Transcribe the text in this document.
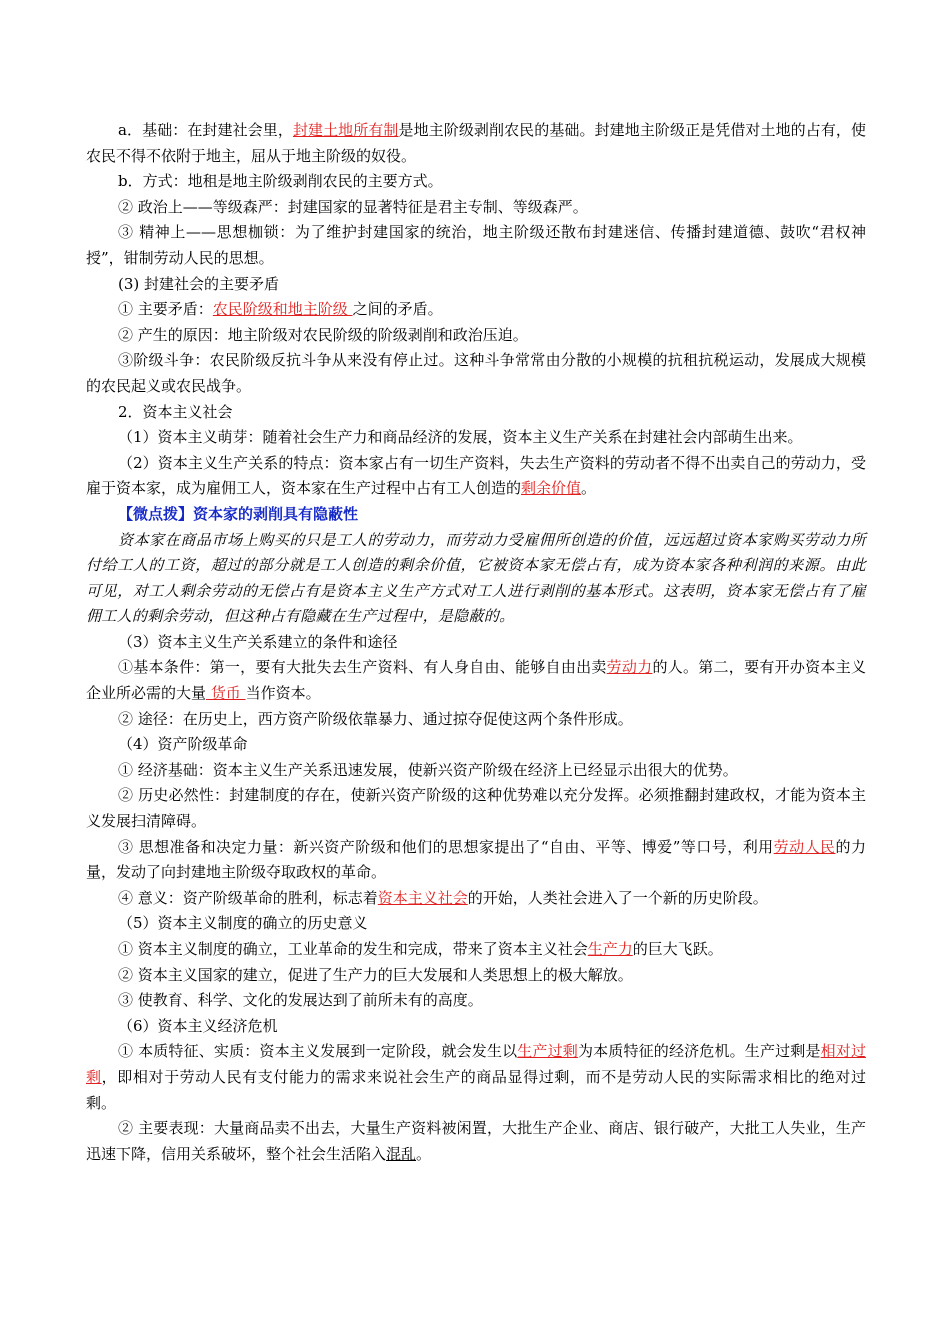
a．基础：在封建社会里，封建土地所有制是地主阶级剥削农民的基础。封建地主阶级正是凭借对土地的占有，使农民不得不依附于地主，屈从于地主阶级的奴役。

b．方式：地租是地主阶级剥削农民的主要方式。

② 政治上——等级森严：封建国家的显著特征是君主专制、等级森严。

③ 精神上——思想枷锁：为了维护封建国家的统治，地主阶级还散布封建迷信、传播封建道德、鼓吹“君权神授”，钳制劳动人民的思想。

(3) 封建社会的主要矛盾

① 主要矛盾：农民阶级和地主阶级 之间的矛盾。

② 产生的原因：地主阶级对农民阶级的阶级剥削和政治压迫。

③阶级斗争：农民阶级反抗斗争从来没有停止过。这种斗争常常由分散的小规模的抗租抗税运动，发展成大规模的农民起义或农民战争。

2．资本主义社会

（1）资本主义萌芽：随着社会生产力和商品经济的发展，资本主义生产关系在封建社会内部萌生出来。

（2）资本主义生产关系的特点：资本家占有一切生产资料，失去生产资料的劳动者不得不出卖自己的劳动力，受雇于资本家，成为雇佣工人，资本家在生产过程中占有工人创造的剩余价值。

【微点拨】资本家的剥削具有隐蔽性

资本家在商品市场上购买的只是工人的劳动力，而劳动力受雇佣所创造的价值，远远超过资本家购买劳动力所付给工人的工资，超过的部分就是工人创造的剩余价值，它被资本家无偿占有，成为资本家各种利润的来源。由此可见，对工人剩余劳动的无偿占有是资本主义生产方式对工人进行剥削的基本形式。这表明，资本家无偿占有了雇佣工人的剩余劳动，但这种占有隐藏在生产过程中，是隐蔽的。

（3）资本主义生产关系建立的条件和途径

①基本条件：第一，要有大批失去生产资料、有人身自由、能够自由出卖劳动力的人。第二，要有开办资本主义企业所必需的大量 货币 当作资本。

② 途径：在历史上，西方资产阶级依靠暴力、通过掠夺促使这两个条件形成。

（4）资产阶级革命

① 经济基础：资本主义生产关系迅速发展，使新兴资产阶级在经济上已经显示出很大的优势。

② 历史必然性：封建制度的存在，使新兴资产阶级的这种优势难以充分发挥。必须推翻封建政权，才能为资本主义发展扫清障碍。

③ 思想准备和决定力量：新兴资产阶级和他们的思想家提出了“自由、平等、博爱”等口号，利用劳动人民的力量，发动了向封建地主阶级夺取政权的革命。

④ 意义：资产阶级革命的胜利，标志着资本主义社会的开始，人类社会进入了一个新的历史阶段。

（5）资本主义制度的确立的历史意义

① 资本主义制度的确立，工业革命的发生和完成，带来了资本主义社会生产力的巨大飞跃。

② 资本主义国家的建立，促进了生产力的巨大发展和人类思想上的极大解放。

③ 使教育、科学、文化的发展达到了前所未有的高度。

（6）资本主义经济危机

① 本质特征、实质：资本主义发展到一定阶段，就会发生以生产过剩为本质特征的经济危机。生产过剩是相对过剩，即相对于劳动人民有支付能力的需求来说社会生产的商品显得过剩，而不是劳动人民的实际需求相比的绝对过剩。

② 主要表现：大量商品卖不出去，大量生产资料被闲置，大批生产企业、商店、银行破产，大批工人失业，生产迅速下降，信用关系破坏，整个社会生活陷入混乱。
